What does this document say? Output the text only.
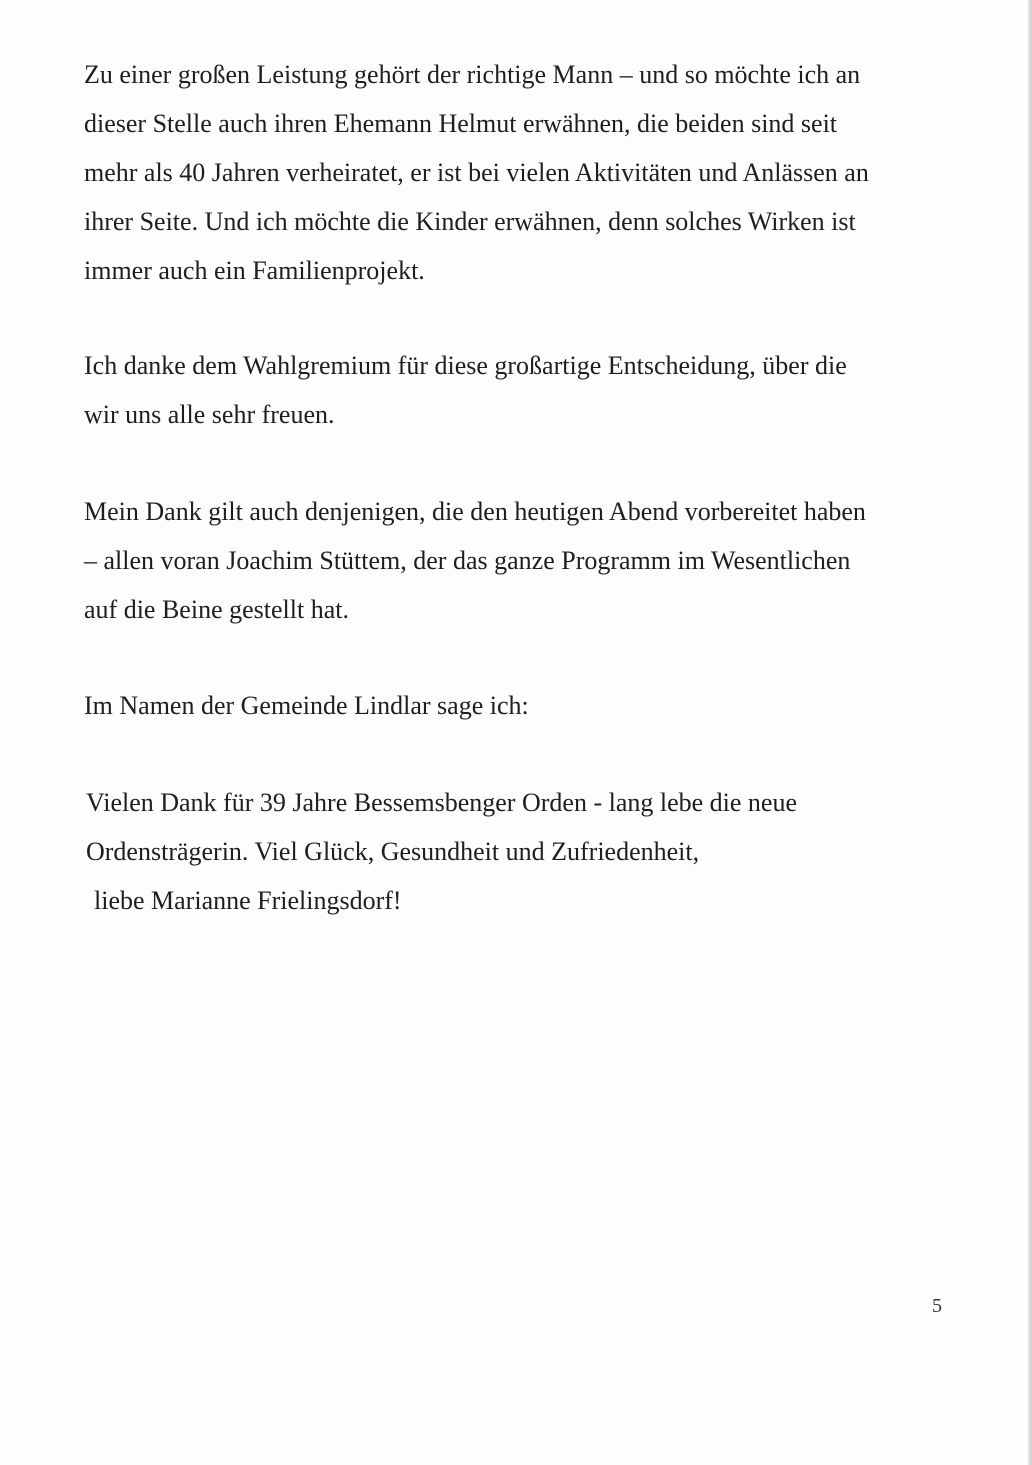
Zu einer großen Leistung gehört der richtige Mann – und so möchte ich an
dieser Stelle auch ihren Ehemann Helmut erwähnen, die beiden sind seit
mehr als 40 Jahren verheiratet, er ist bei vielen Aktivitäten und Anlässen an
ihrer Seite. Und ich möchte die Kinder erwähnen, denn solches Wirken ist
immer auch ein Familienprojekt.

Ich danke dem Wahlgremium für diese großartige Entscheidung, über die
wir uns alle sehr freuen.

Mein Dank gilt auch denjenigen, die den heutigen Abend vorbereitet haben
– allen voran Joachim Stüttem, der das ganze Programm im Wesentlichen
auf die Beine gestellt hat.

Im Namen der Gemeinde Lindlar sage ich:

Vielen Dank für 39 Jahre Bessemsbenger Orden - lang lebe die neue
Ordensträgerin. Viel Glück, Gesundheit und Zufriedenheit,
liebe Marianne Frielingsdorf!

5
